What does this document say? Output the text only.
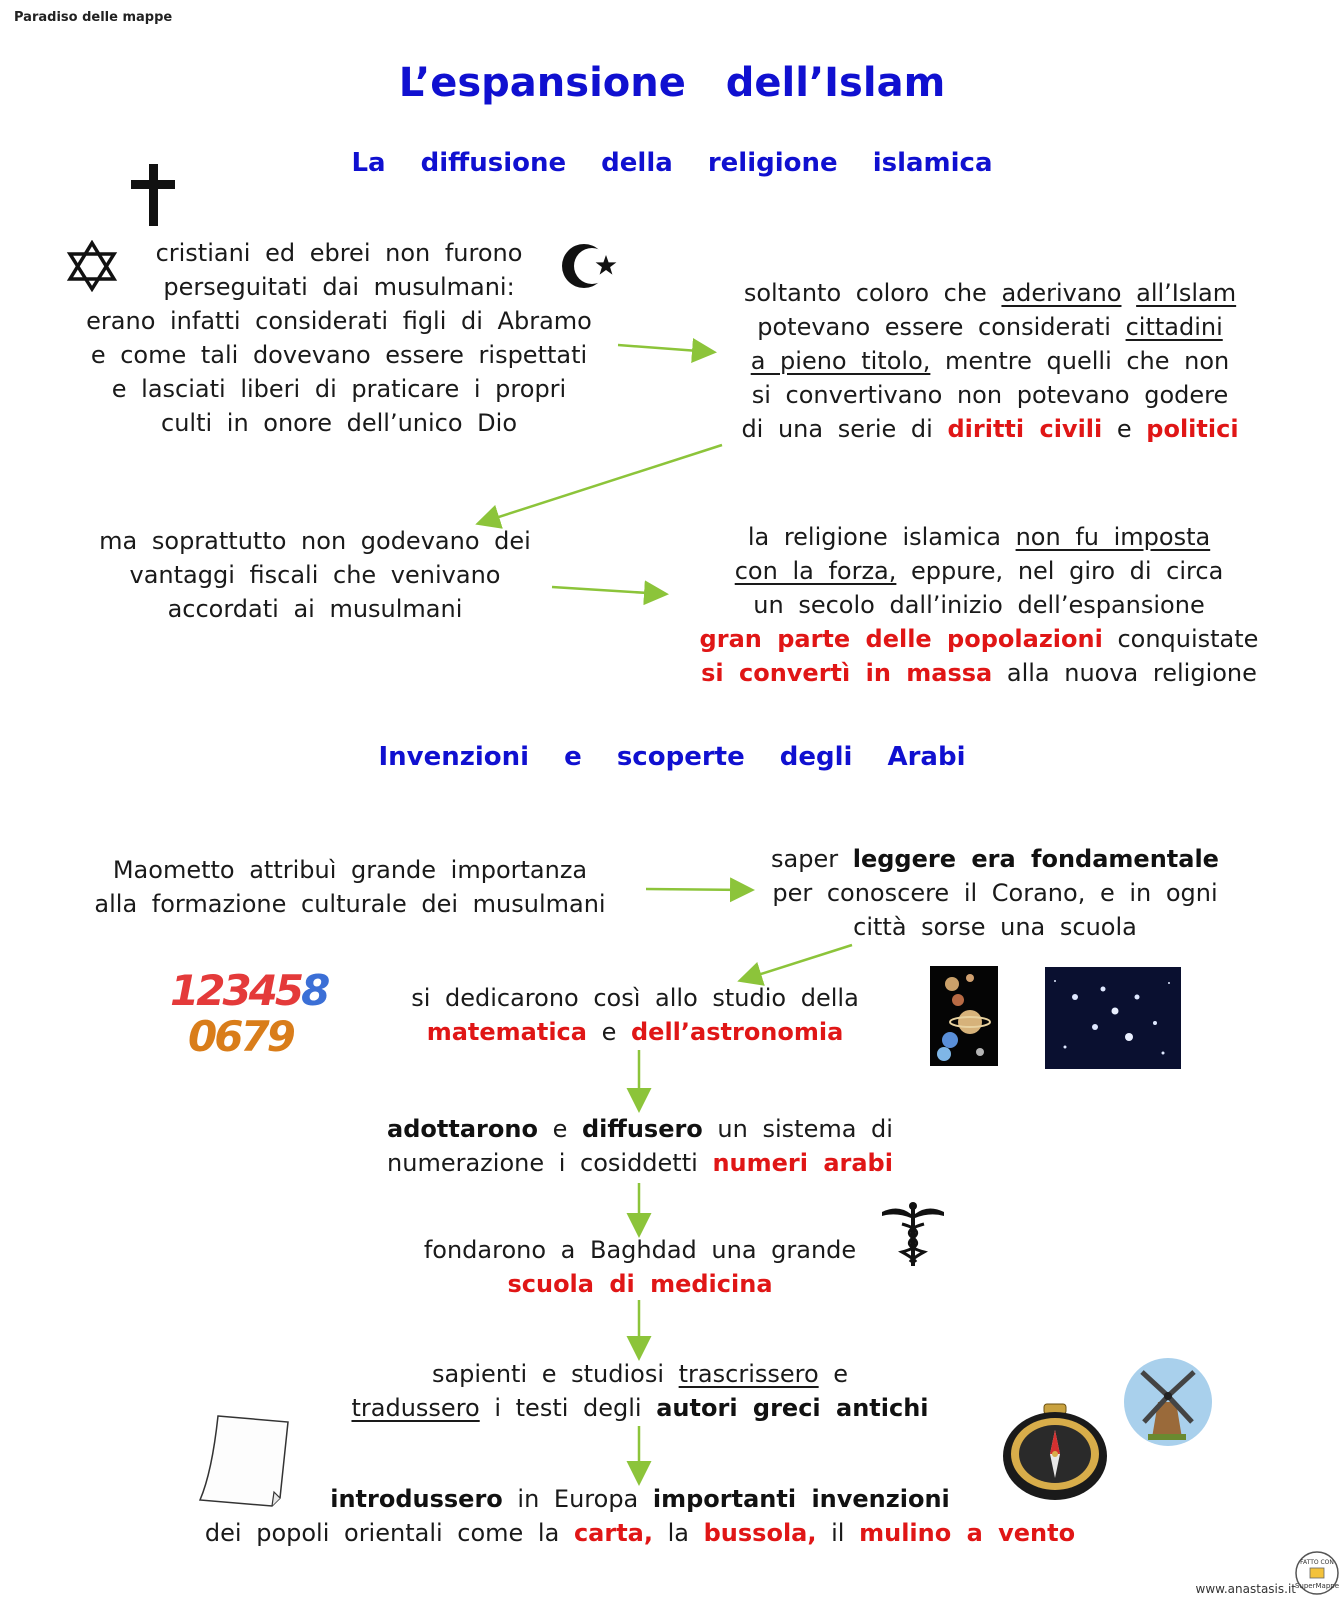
Paradiso delle mappe
L’espansione dell’Islam
La diffusione della religione islamica
Invenzioni e scoperte degli Arabi
cristiani ed ebrei non furono
perseguitati dai musulmani:
erano infatti considerati figli di Abramo
e come tali dovevano essere rispettati
e lasciati liberi di praticare i propri
culti in onore dell’unico Dio
soltanto coloro che aderivano all’Islam
potevano essere considerati cittadini
a pieno titolo, mentre quelli che non
si convertivano non potevano godere
di una serie di diritti civili e politici
ma soprattutto non godevano dei
vantaggi fiscali che venivano
accordati ai musulmani
la religione islamica non fu imposta
con la forza, eppure, nel giro di circa
un secolo dall’inizio dell’espansione
gran parte delle popolazioni conquistate
si convertì in massa alla nuova religione
Maometto attribuì grande importanza
alla formazione culturale dei musulmani
saper leggere era fondamentale
per conoscere il Corano, e in ogni
città sorse una scuola
si dedicarono così allo studio della
matematica e dell’astronomia
adottarono e diffusero un sistema di
numerazione i cosiddetti numeri arabi
fondarono a Baghdad una grande
scuola di medicina
sapienti e studiosi trascrissero e
tradussero i testi degli autori greci antichi
introdussero in Europa importanti invenzioni
dei popoli orientali come la carta, la bussola, il mulino a vento
123458
0679
FATTO CON
SuperMappe
www.anastasis.it
